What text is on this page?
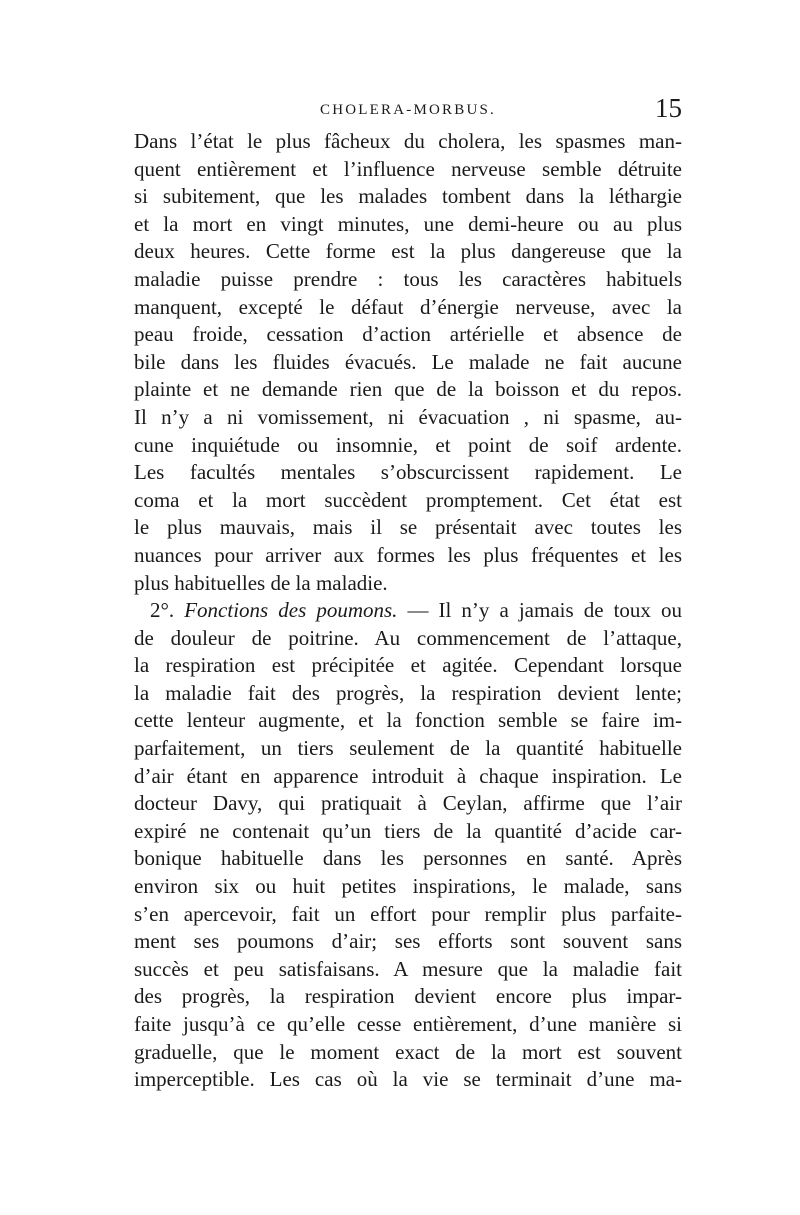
CHOLERA-MORBUS.	15
Dans l’état le plus fâcheux du cholera, les spasmes man-
quent entièrement et l’influence nerveuse semble détruite
si subitement, que les malades tombent dans la léthargie
et la mort en vingt minutes, une demi-heure ou au plus
deux heures. Cette forme est la plus dangereuse que la
maladie puisse prendre : tous les caractères habituels
manquent, excepté le défaut d’énergie nerveuse, avec la
peau froide, cessation d’action artérielle et absence de
bile dans les fluides évacués. Le malade ne fait aucune
plainte et ne demande rien que de la boisson et du repos.
Il n’y a ni vomissement, ni évacuation , ni spasme, au-
cune inquiétude ou insomnie, et point de soif ardente.
Les facultés mentales s’obscurcissent rapidement. Le
coma et la mort succèdent promptement. Cet état est
le plus mauvais, mais il se présentait avec toutes les
nuances pour arriver aux formes les plus fréquentes et les
plus habituelles de la maladie.
2°. Fonctions des poumons. — Il n’y a jamais de toux ou
de douleur de poitrine. Au commencement de l’attaque,
la respiration est précipitée et agitée. Cependant lorsque
la maladie fait des progrès, la respiration devient lente;
cette lenteur augmente, et la fonction semble se faire im-
parfaitement, un tiers seulement de la quantité habituelle
d’air étant en apparence introduit à chaque inspiration. Le
docteur Davy, qui pratiquait à Ceylan, affirme que l’air
expiré ne contenait qu’un tiers de la quantité d’acide car-
bonique habituelle dans les personnes en santé. Après
environ six ou huit petites inspirations, le malade, sans
s’en apercevoir, fait un effort pour remplir plus parfaite-
ment ses poumons d’air; ses efforts sont souvent sans
succès et peu satisfaisans. A mesure que la maladie fait
des progrès, la respiration devient encore plus impar-
faite jusqu’à ce qu’elle cesse entièrement, d’une manière si
graduelle, que le moment exact de la mort est souvent
imperceptible. Les cas où la vie se terminait d’une ma-
